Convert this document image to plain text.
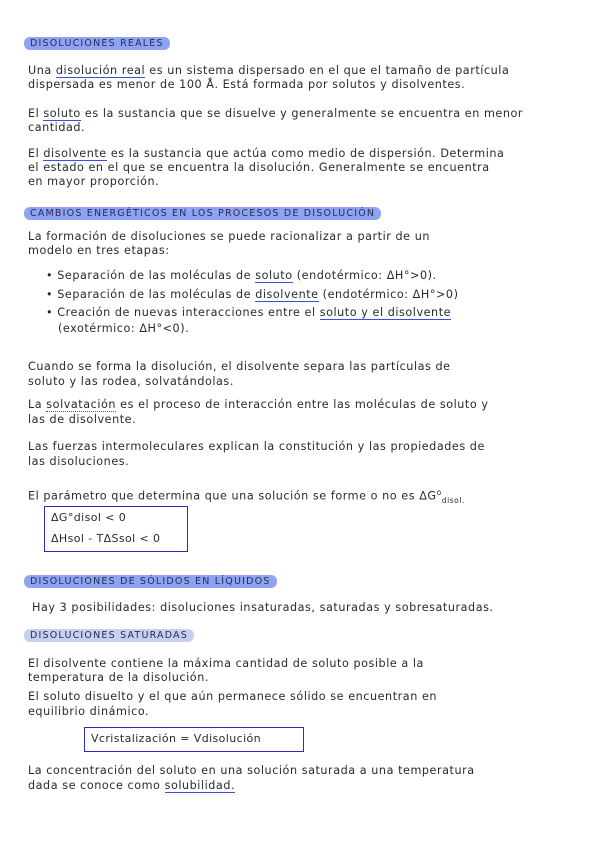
DISOLUCIONES REALES
Una disolución real es un sistema dispersado en el que el tamaño de partícula
dispersada es menor de 100 Å. Está formada por solutos y disolventes.
El soluto es la sustancia que se disuelve y generalmente se encuentra en menor
cantidad.
El disolvente es la sustancia que actúa como medio de dispersión. Determina
el estado en el que se encuentra la disolución. Generalmente se encuentra
en mayor proporción.
CAMBIOS ENERGÉTICOS EN LOS PROCESOS DE DISOLUCIÓN
La formación de disoluciones se puede racionalizar a partir de un
modelo en tres etapas:
• Separación de las moléculas de soluto (endotérmico: ΔH°>0).
• Separación de las moléculas de disolvente (endotérmico: ΔH°>0)
• Creación de nuevas interacciones entre el soluto y el disolvente
(exotérmico: ΔH°<0).
Cuando se forma la disolución, el disolvente separa las partículas de
soluto y las rodea, solvatándolas.
La solvatación es el proceso de interacción entre las moléculas de soluto y
las de disolvente.
Las fuerzas intermoleculares explican la constitución y las propiedades de
las disoluciones.
El parámetro que determina que una solución se forme o no es $\Delta G^o_{disol.}$
ΔG°disol < 0
ΔHsol - TΔSsol < 0
DISOLUCIONES DE SÓLIDOS EN LÍQUIDOS
Hay 3 posibilidades: disoluciones insaturadas, saturadas y sobresaturadas.
DISOLUCIONES SATURADAS
El disolvente contiene la máxima cantidad de soluto posible a la
temperatura de la disolución.
El soluto disuelto y el que aún permanece sólido se encuentran en
equilibrio dinámico.
Vcristalización = Vdisolución
La concentración del soluto en una solución saturada a una temperatura
dada se conoce como solubilidad.
